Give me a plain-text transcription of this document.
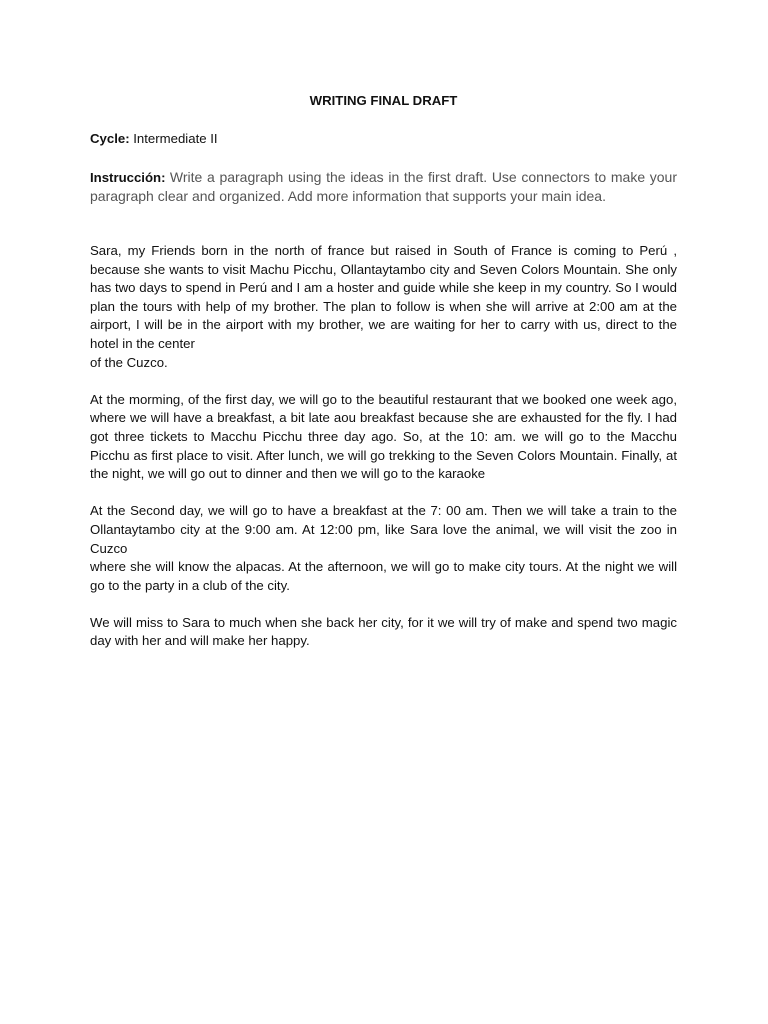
WRITING FINAL DRAFT

Cycle: Intermediate II

Instrucción: Write a paragraph using the ideas in the first draft. Use connectors to make your paragraph clear and organized. Add more information that supports your main idea.

Sara, my Friends born in the north of france but raised in South of France is coming to Perú , because she wants to visit Machu Picchu, Ollantaytambo city and Seven Colors Mountain. She only has two days to spend in Perú and I am a hoster and guide while she keep in my country. So I would plan the tours with help of my brother. The plan to follow is when she will arrive at 2:00 am at the airport, I will be in the airport with my brother, we are waiting for her to carry with us, direct to the hotel in the center
of the Cuzco.

At the morming, of the first day, we will go to the beautiful restaurant that we booked one week ago, where we will have a breakfast, a bit late aou breakfast because she are exhausted for the fly. I had got three tickets to Macchu Picchu three day ago. So, at the 10: am. we will go to the Macchu Picchu as first place to visit. After lunch, we will go trekking to the Seven Colors Mountain. Finally, at the night, we will go out to dinner and then we will go to the karaoke

At the Second day, we will go to have a breakfast at the 7: 00 am. Then we will take a train to the Ollantaytambo city at the 9:00 am. At 12:00 pm, like Sara love the animal, we will visit the zoo in Cuzco
where she will know the alpacas. At the afternoon, we will go to make city tours. At the night we will go to the party in a club of the city.

We will miss to Sara to much when she back her city, for it we will try of make and spend two magic day with her and will make her happy.
